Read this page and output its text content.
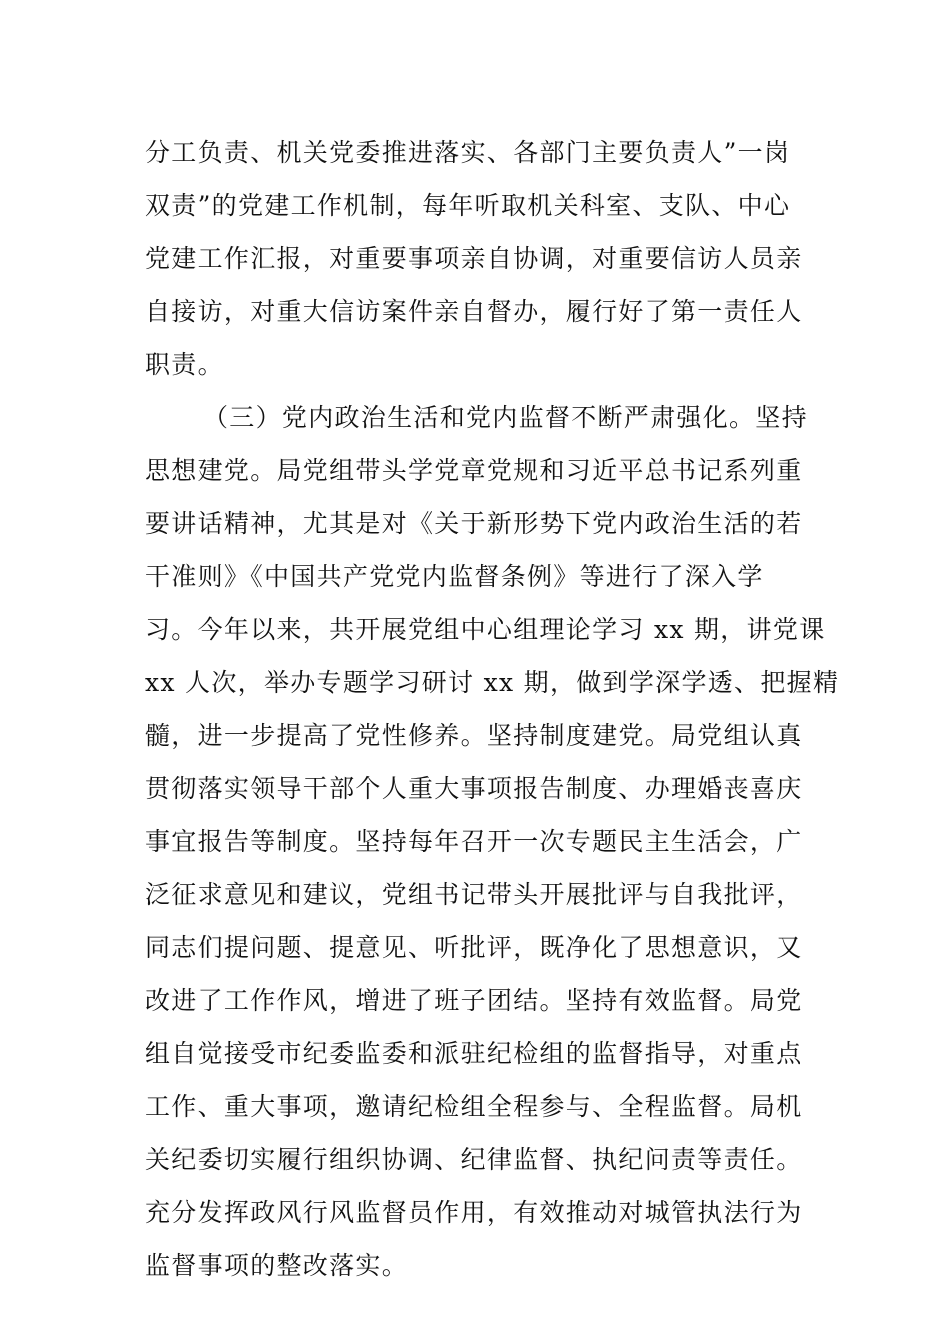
分工负责、机关党委推进落实、各部门主要负责人”一岗
双责”的党建工作机制，每年听取机关科室、支队、中心
党建工作汇报，对重要事项亲自协调，对重要信访人员亲
自接访，对重大信访案件亲自督办，履行好了第一责任人
职责。
（三）党内政治生活和党内监督不断严肃强化。坚持
思想建党。局党组带头学党章党规和习近平总书记系列重
要讲话精神，尤其是对《关于新形势下党内政治生活的若
干准则》《中国共产党党内监督条例》等进行了深入学
习。今年以来，共开展党组中心组理论学习 xx 期，讲党课
xx 人次，举办专题学习研讨 xx 期，做到学深学透、把握精
髓，进一步提高了党性修养。坚持制度建党。局党组认真
贯彻落实领导干部个人重大事项报告制度、办理婚丧喜庆
事宜报告等制度。坚持每年召开一次专题民主生活会，广
泛征求意见和建议，党组书记带头开展批评与自我批评，
同志们提问题、提意见、听批评，既净化了思想意识，又
改进了工作作风，增进了班子团结。坚持有效监督。局党
组自觉接受市纪委监委和派驻纪检组的监督指导，对重点
工作、重大事项，邀请纪检组全程参与、全程监督。局机
关纪委切实履行组织协调、纪律监督、执纪问责等责任。
充分发挥政风行风监督员作用，有效推动对城管执法行为
监督事项的整改落实。
